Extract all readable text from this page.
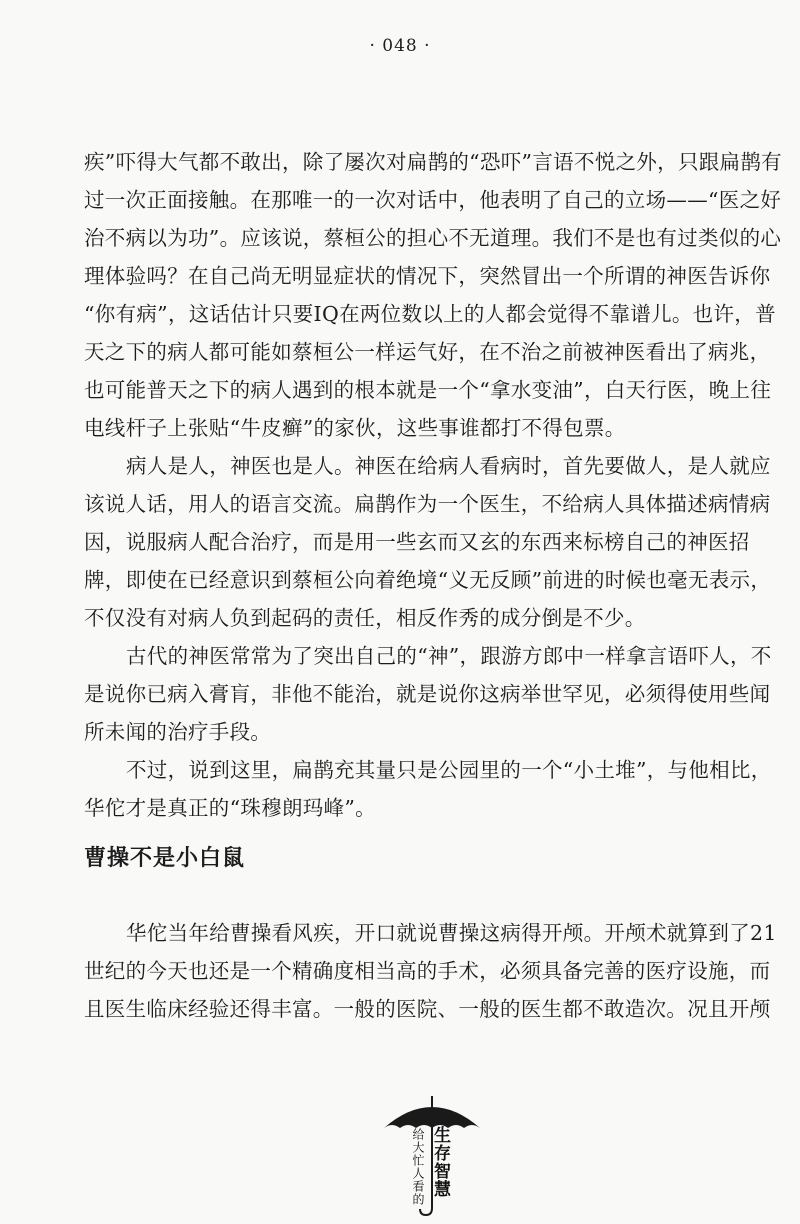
· 048 ·
疾”吓得大气都不敢出，除了屡次对扁鹊的“恐吓”言语不悦之外，只跟扁鹊有
过一次正面接触。在那唯一的一次对话中，他表明了自己的立场——“医之好
治不病以为功”。应该说，蔡桓公的担心不无道理。我们不是也有过类似的心
理体验吗？在自己尚无明显症状的情况下，突然冒出一个所谓的神医告诉你
“你有病”，这话估计只要IQ在两位数以上的人都会觉得不靠谱儿。也许，普
天之下的病人都可能如蔡桓公一样运气好，在不治之前被神医看出了病兆，
也可能普天之下的病人遇到的根本就是一个“拿水变油”，白天行医，晚上往
电线杆子上张贴“牛皮癣”的家伙，这些事谁都打不得包票。
病人是人，神医也是人。神医在给病人看病时，首先要做人，是人就应
该说人话，用人的语言交流。扁鹊作为一个医生，不给病人具体描述病情病
因，说服病人配合治疗，而是用一些玄而又玄的东西来标榜自己的神医招
牌，即使在已经意识到蔡桓公向着绝境“义无反顾”前进的时候也毫无表示，
不仅没有对病人负到起码的责任，相反作秀的成分倒是不少。
古代的神医常常为了突出自己的“神”，跟游方郎中一样拿言语吓人，不
是说你已病入膏肓，非他不能治，就是说你这病举世罕见，必须得使用些闻
所未闻的治疗手段。
不过，说到这里，扁鹊充其量只是公园里的一个“小土堆”，与他相比，
华佗才是真正的“珠穆朗玛峰”。
曹操不是小白鼠
华佗当年给曹操看风疾，开口就说曹操这病得开颅。开颅术就算到了21
世纪的今天也还是一个精确度相当高的手术，必须具备完善的医疗设施，而
且医生临床经验还得丰富。一般的医院、一般的医生都不敢造次。况且开颅
给大忙人看的 生存智慧
